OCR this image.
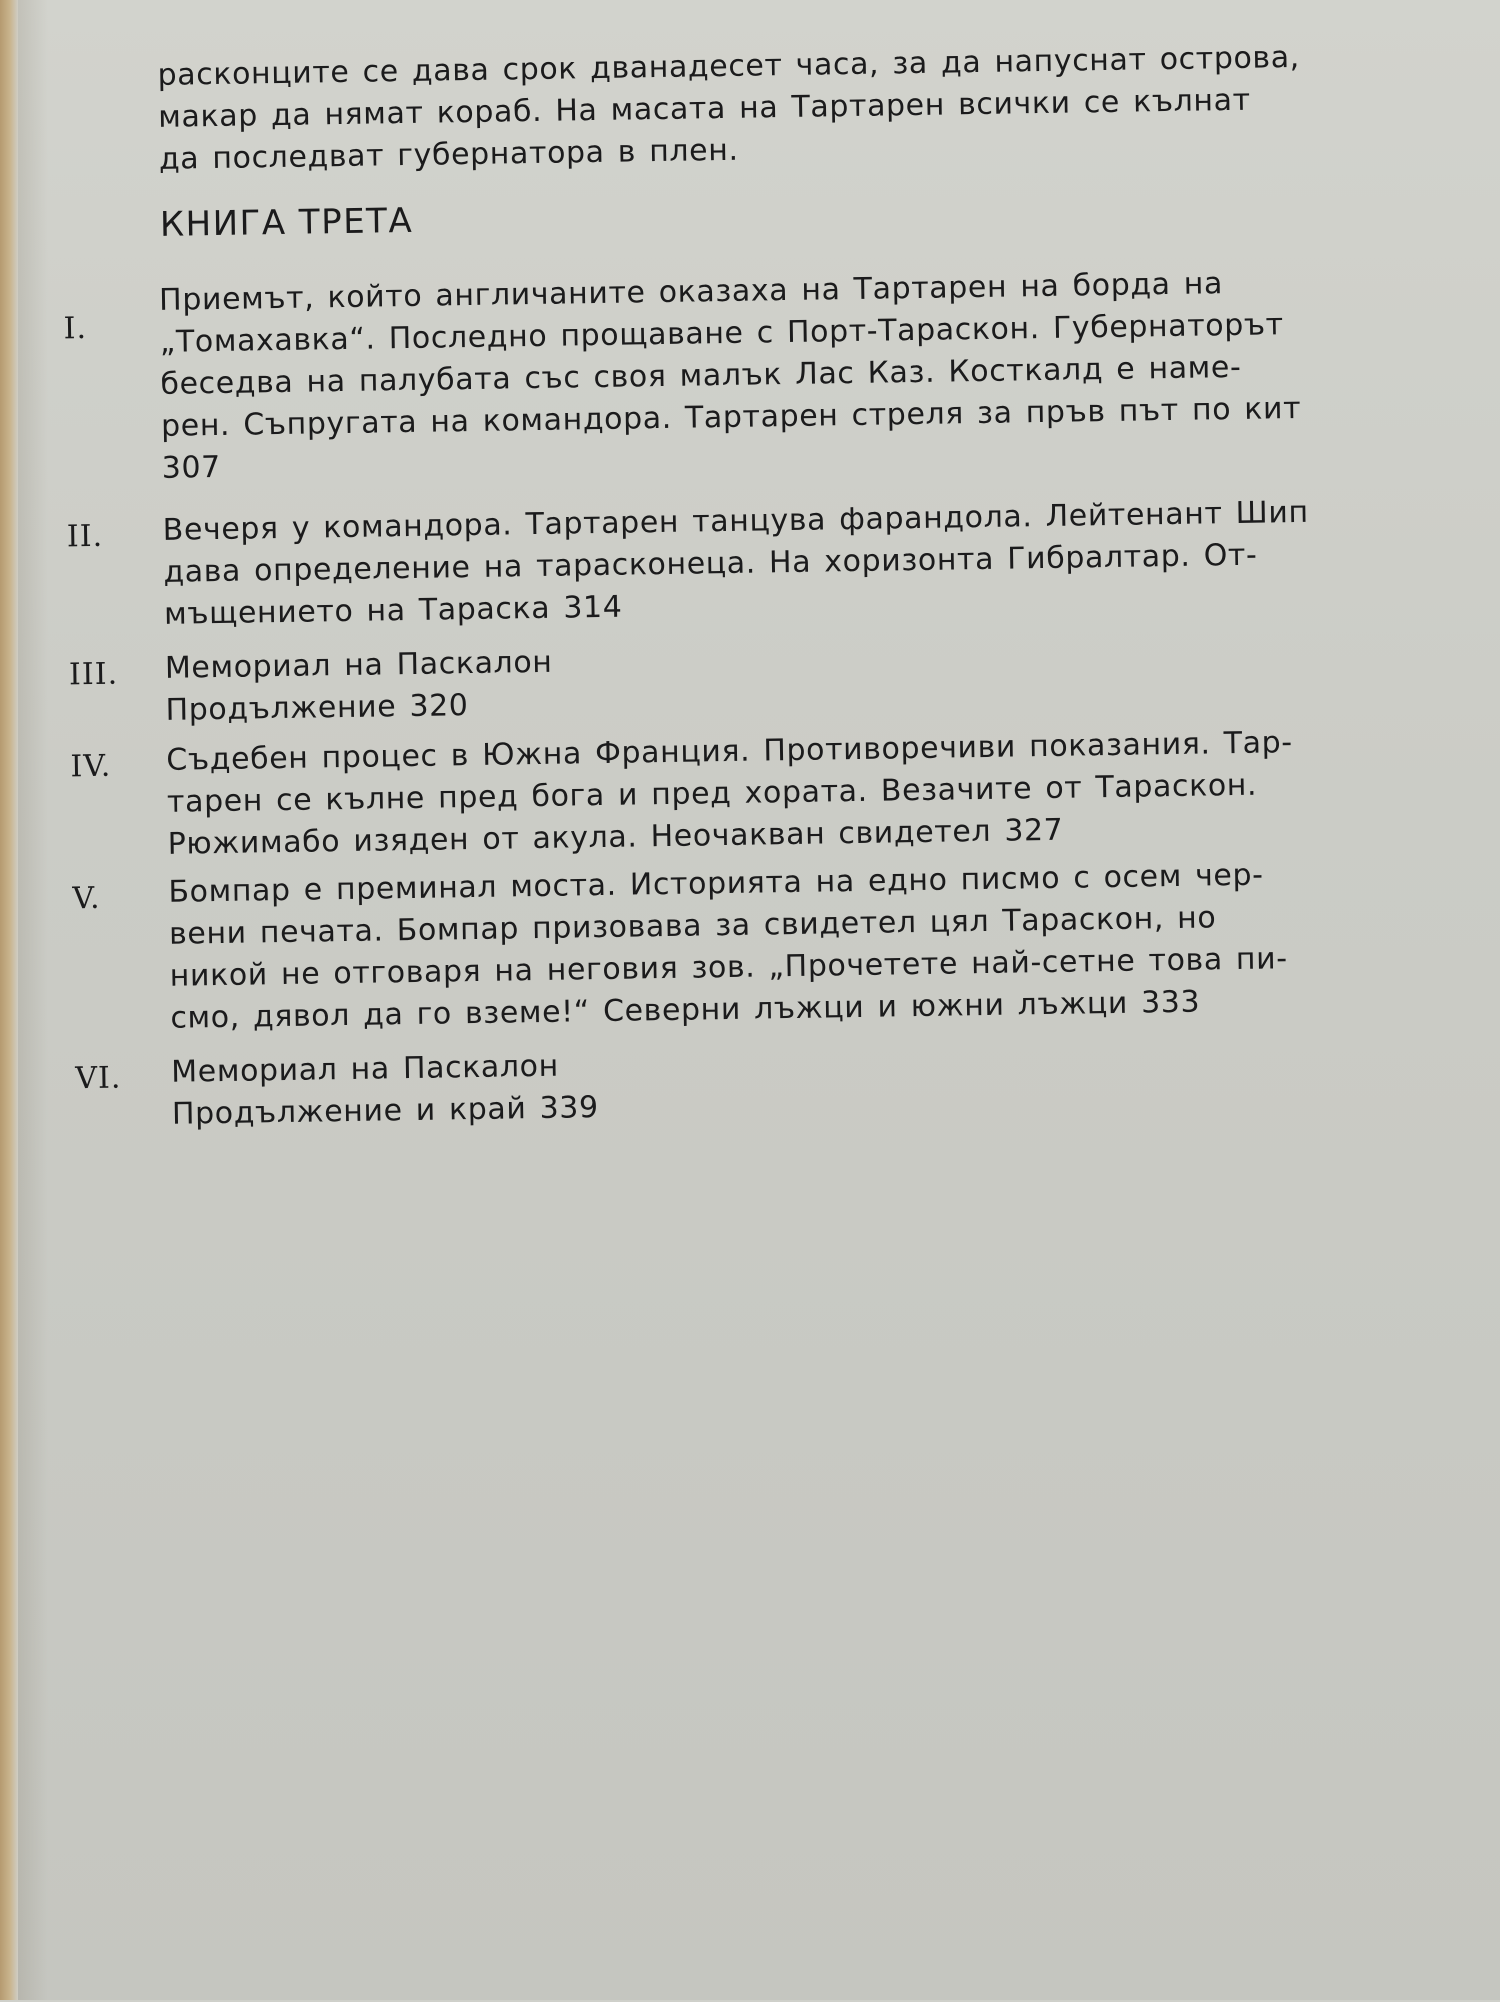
расконците се дава срок дванадесет часа, за да напуснат острова,
макар да нямат кораб. На масата на Тартарен всички се кълнат
да последват губернатора в плен.
КНИГА ТРЕТА
I.
Приемът, който англичаните оказаха на Тартарен на борда на
„Томахавка“. Последно прощаване с Порт-Тараскон. Губернаторът
беседва на палубата със своя малък Лас Каз. Косткалд е наме-
рен. Съпругата на командора. Тартарен стреля за пръв път по кит
307
II. Вечеря у командора. Тартарен танцува фарандола. Лейтенант Шип
дава определение на тарасконеца. На хоризонта Гибралтар. От-
мъщението на Тараска 314
III. Мемориал на Паскалон
Продължение 320
IV. Съдебен процес в Южна Франция. Противоречиви показания. Тар-
тарен се кълне пред бога и пред хората. Везачите от Тараскон.
Рюжимабо изяден от акула. Неочакван свидетел 327
V. Бомпар е преминал моста. Историята на едно писмо с осем чер-
вени печата. Бомпар призовава за свидетел цял Тараскон, но
никой не отговаря на неговия зов. „Прочетете най-сетне това пи-
смо, дявол да го вземе!“ Северни лъжци и южни лъжци 333
VI. Мемориал на Паскалон
Продължение и край 339
